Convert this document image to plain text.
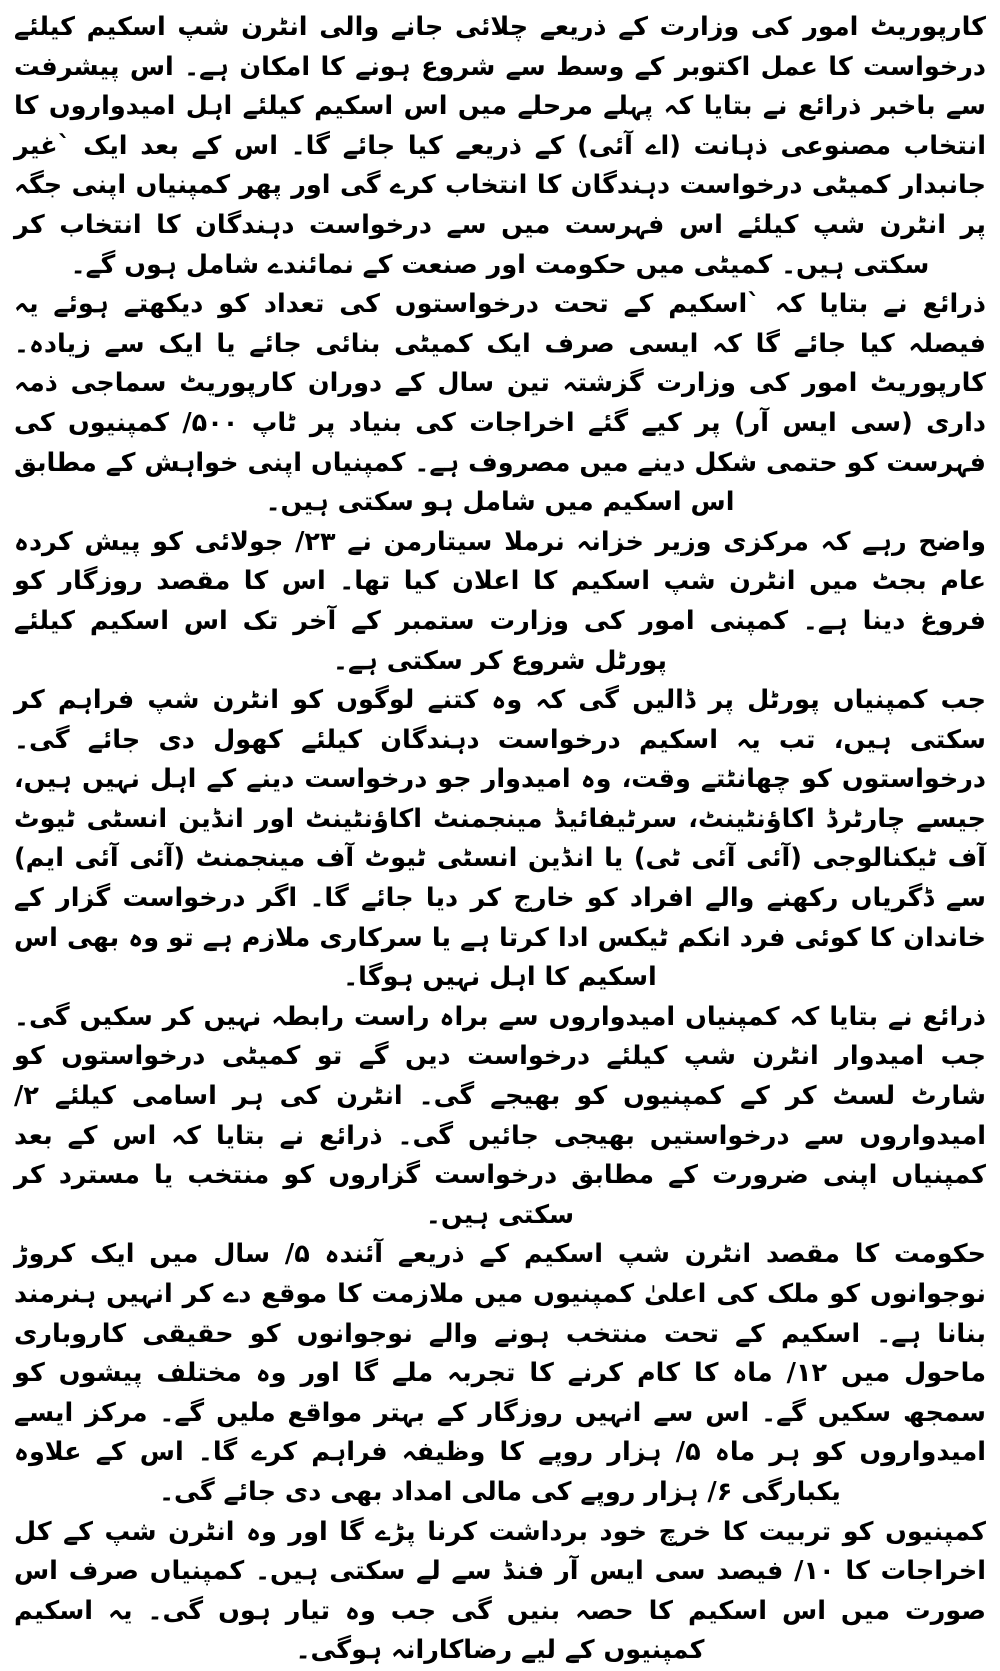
کارپوریٹ امور کی وزارت کے ذریعے چلائی جانے والی انٹرن شپ اسکیم کیلئے درخواست کا عمل اکتوبر کے وسط سے شروع ہونے کا امکان ہے۔ اس پیشرفت سے باخبر ذرائع نے بتایا کہ پہلے مرحلے میں اس اسکیم کیلئے اہل امیدواروں کا انتخاب مصنوعی ذہانت (اے آئی) کے ذریعے کیا جائے گا۔ اس کے بعد ایک `غیر جانبدار کمیٹی درخواست دہندگان کا انتخاب کرے گی اور پھر کمپنیاں اپنی جگہ پر انٹرن شپ کیلئے اس فہرست میں سے درخواست دہندگان کا انتخاب کر سکتی ہیں۔ کمیٹی میں حکومت اور صنعت کے نمائندے شامل ہوں گے۔

ذرائع نے بتایا کہ `اسکیم کے تحت درخواستوں کی تعداد کو دیکھتے ہوئے یہ فیصلہ کیا جائے گا کہ ایسی صرف ایک کمیٹی بنائی جائے یا ایک سے زیادہ۔ کارپوریٹ امور کی وزارت گزشتہ تین سال کے دوران کارپوریٹ سماجی ذمہ داری (سی ایس آر) پر کیے گئے اخراجات کی بنیاد پر ٹاپ ۵۰۰/ کمپنیوں کی فہرست کو حتمی شکل دینے میں مصروف ہے۔ کمپنیاں اپنی خواہش کے مطابق اس اسکیم میں شامل ہو سکتی ہیں۔

واضح رہے کہ مرکزی وزیر خزانہ نرملا سیتارمن نے ۲۳/ جولائی کو پیش کردہ عام بجٹ میں انٹرن شپ اسکیم کا اعلان کیا تھا۔ اس کا مقصد روزگار کو فروغ دینا ہے۔ کمپنی امور کی وزارت ستمبر کے آخر تک اس اسکیم کیلئے پورٹل شروع کر سکتی ہے۔

جب کمپنیاں پورٹل پر ڈالیں گی کہ وہ کتنے لوگوں کو انٹرن شپ فراہم کر سکتی ہیں، تب یہ اسکیم درخواست دہندگان کیلئے کھول دی جائے گی۔ درخواستوں کو چھانٹتے وقت، وہ امیدوار جو درخواست دینے کے اہل نہیں ہیں، جیسے چارٹرڈ اکاؤنٹینٹ، سرٹیفائیڈ مینجمنٹ اکاؤنٹینٹ اور انڈین انسٹی ٹیوٹ آف ٹیکنالوجی (آئی آئی ٹی) یا انڈین انسٹی ٹیوٹ آف مینجمنٹ (آئی آئی ایم) سے ڈگریاں رکھنے والے افراد کو خارج کر دیا جائے گا۔ اگر درخواست گزار کے خاندان کا کوئی فرد انکم ٹیکس ادا کرتا ہے یا سرکاری ملازم ہے تو وہ بھی اس اسکیم کا اہل نہیں ہوگا۔

ذرائع نے بتایا کہ کمپنیاں امیدواروں سے براہ راست رابطہ نہیں کر سکیں گی۔ جب امیدوار انٹرن شپ کیلئے درخواست دیں گے تو کمیٹی درخواستوں کو شارٹ لسٹ کر کے کمپنیوں کو بھیجے گی۔ انٹرن کی ہر اسامی کیلئے ۲/ امیدواروں سے درخواستیں بھیجی جائیں گی۔ ذرائع نے بتایا کہ اس کے بعد کمپنیاں اپنی ضرورت کے مطابق درخواست گزاروں کو منتخب یا مسترد کر سکتی ہیں۔

حکومت کا مقصد انٹرن شپ اسکیم کے ذریعے آئندہ ۵/ سال میں ایک کروڑ نوجوانوں کو ملک کی اعلیٰ کمپنیوں میں ملازمت کا موقع دے کر انہیں ہنرمند بنانا ہے۔ اسکیم کے تحت منتخب ہونے والے نوجوانوں کو حقیقی کاروباری ماحول میں ۱۲/ ماہ کا کام کرنے کا تجربہ ملے گا اور وہ مختلف پیشوں کو سمجھ سکیں گے۔ اس سے انہیں روزگار کے بہتر مواقع ملیں گے۔ مرکز ایسے امیدواروں کو ہر ماہ ۵/ ہزار روپے کا وظیفہ فراہم کرے گا۔ اس کے علاوہ یکبارگی ۶/ ہزار روپے کی مالی امداد بھی دی جائے گی۔

کمپنیوں کو تربیت کا خرچ خود برداشت کرنا پڑے گا اور وہ انٹرن شپ کے کل اخراجات کا ۱۰/ فیصد سی ایس آر فنڈ سے لے سکتی ہیں۔ کمپنیاں صرف اس صورت میں اس اسکیم کا حصہ بنیں گی جب وہ تیار ہوں گی۔ یہ اسکیم کمپنیوں کے لیے رضاکارانہ ہوگی۔
